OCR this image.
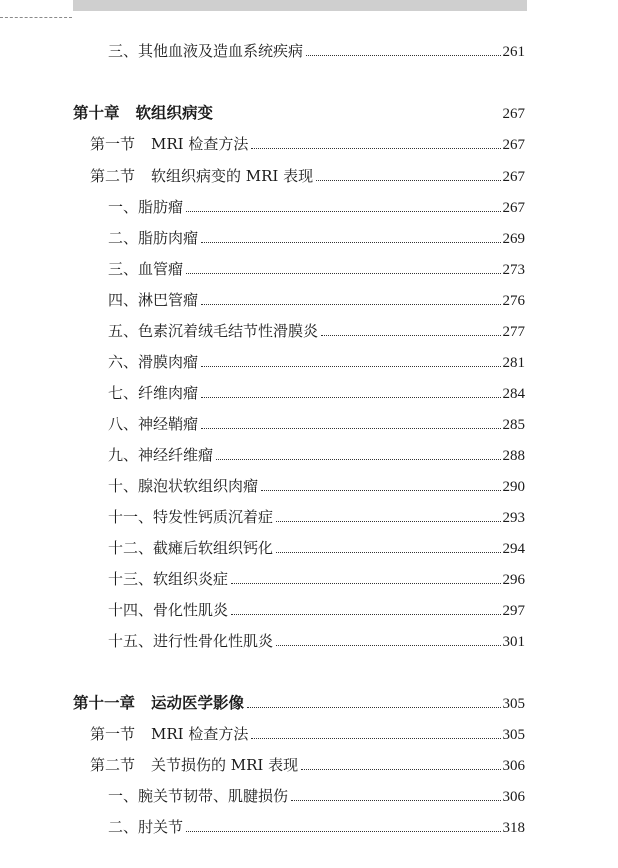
三、 其他血液及造血系统疾病	261
第十章 软组织病变	267
第一节 MRI 检查方法	267
第二节 软组织病变的 MRI 表现	267
一、 脂肪瘤	267
二、 脂肪肉瘤	269
三、 血管瘤	273
四、 淋巴管瘤	276
五、 色素沉着绒毛结节性滑膜炎	277
六、 滑膜肉瘤	281
七、 纤维肉瘤	284
八、 神经鞘瘤	285
九、 神经纤维瘤	288
十、 腺泡状软组织肉瘤	290
十一、 特发性钙质沉着症	293
十二、 截瘫后软组织钙化	294
十三、 软组织炎症	296
十四、 骨化性肌炎	297
十五、 进行性骨化性肌炎	301
第十一章 运动医学影像	305
第一节 MRI 检查方法	305
第二节 关节损伤的 MRI 表现	306
一、 腕关节韧带、肌腱损伤	306
二、 肘关节	318
